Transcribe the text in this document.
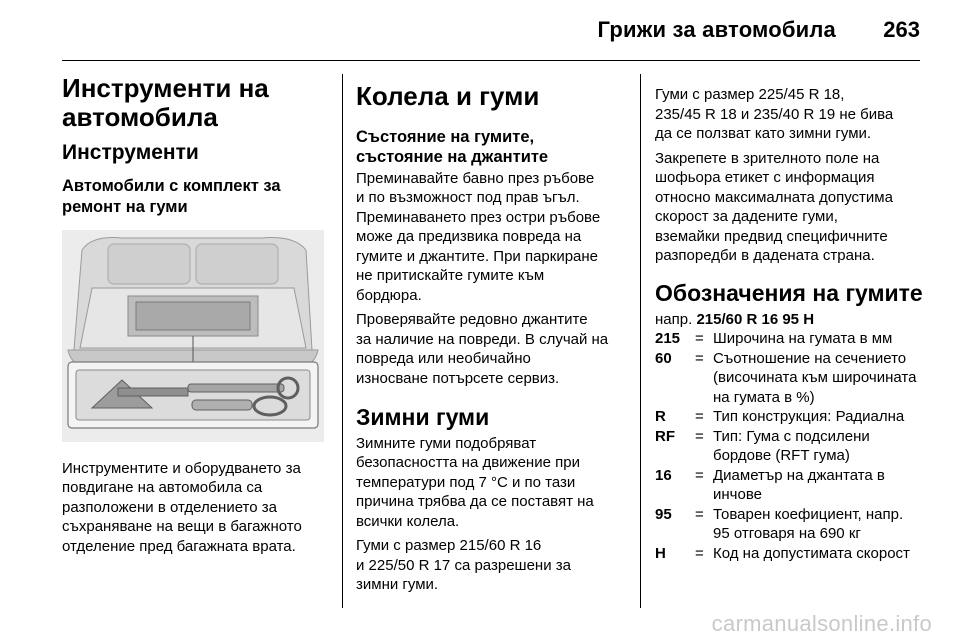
Грижи за автомобила 263
Инструменти на
автомобила
Инструменти
Автомобили с комплект за
ремонт на гуми

Инструментите и оборудването за
повдигане на автомобила са
разположени в отделението за
съхраняване на вещи в багажното
отделение пред багажната врата.

Колела и гуми
Състояние на гумите,
състояние на джантите

Преминавайте бавно през ръбове
и по възможност под прав ъгъл.
Преминаването през остри ръбове
може да предизвика повреда на
гумите и джантите. При паркиране
не притискайте гумите към
бордюра.

Проверявайте редовно джантите
за наличие на повреди. В случай на
повреда или необичайно
износване потърсете сервиз.

Зимни гуми

Зимните гуми подобряват
безопасността на движение при
температури под 7 °C и по тази
причина трябва да се поставят на
всички колела.

Гуми с размер 215/60 R 16
и 225/50 R 17 са разрешени за
зимни гуми.

Гуми с размер 225/45 R 18,
235/45 R 18 и 235/40 R 19 не бива
да се ползват като зимни гуми.

Закрепете в зрителното поле на
шофьора етикет с информация
относно максималната допустима
скорост за дадените гуми,
вземайки предвид специфичните
разпоредби в дадената страна.

Обозначения на гумите

напр. 215/60 R 16 95 H

215	=	Широчина на гумата в мм
60	=	Съотношение на сечението (височината към широчината на гумата в %)
R	=	Тип конструкция: Радиална
RF	=	Тип: Гума с подсилени бордове (RFT гума)
16	=	Диаметър на джантата в инчове
95	=	Товарен коефициент, напр. 95 отговаря на 690 кг
H	=	Код на допустимата скорост
carmanualsonline.info
